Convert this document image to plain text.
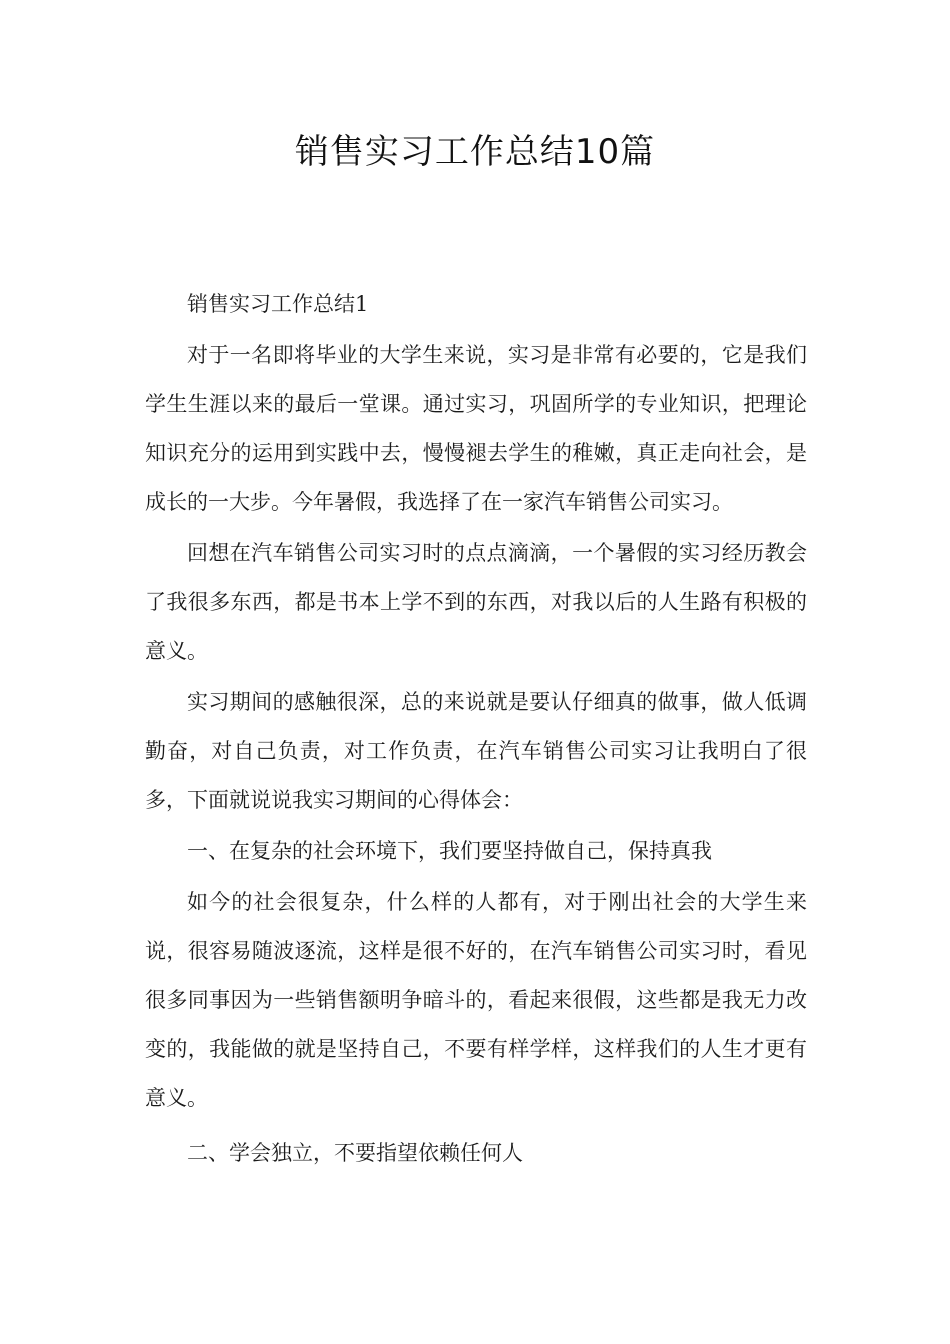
销售实习工作总结10篇

销售实习工作总结1

对于一名即将毕业的大学生来说，实习是非常有必要的，它是我们学生生涯以来的最后一堂课。通过实习，巩固所学的专业知识，把理论知识充分的运用到实践中去，慢慢褪去学生的稚嫩，真正走向社会，是成长的一大步。今年暑假，我选择了在一家汽车销售公司实习。

回想在汽车销售公司实习时的点点滴滴，一个暑假的实习经历教会了我很多东西，都是书本上学不到的东西，对我以后的人生路有积极的意义。

实习期间的感触很深，总的来说就是要认仔细真的做事，做人低调勤奋，对自己负责，对工作负责，在汽车销售公司实习让我明白了很多，下面就说说我实习期间的心得体会：

一、在复杂的社会环境下，我们要坚持做自己，保持真我

如今的社会很复杂，什么样的人都有，对于刚出社会的大学生来说，很容易随波逐流，这样是很不好的，在汽车销售公司实习时，看见很多同事因为一些销售额明争暗斗的，看起来很假，这些都是我无力改变的，我能做的就是坚持自己，不要有样学样，这样我们的人生才更有意义。

二、学会独立，不要指望依赖任何人
